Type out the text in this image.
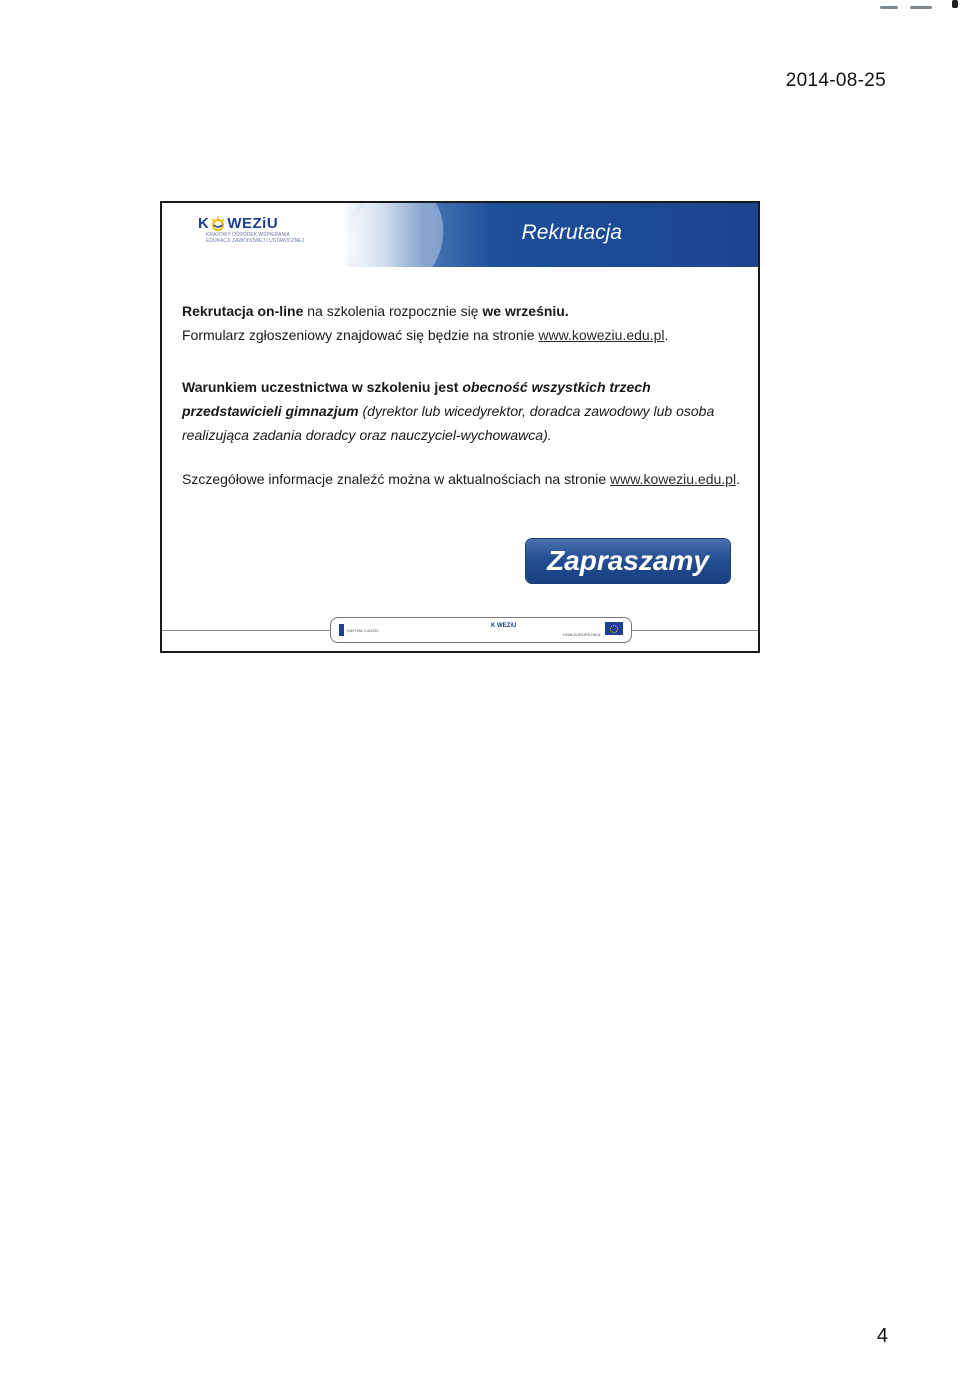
2014-08-25
K WEZiU
KRAJOWY OŚRODEK WSPIERANIA
EDUKACJI ZAWODOWEJ I USTAWICZNEJ	Rekrutacja

Rekrutacja on-line na szkolenia rozpocznie się we wrześniu.
Formularz zgłoszeniowy znajdować się będzie na stronie www.koweziu.edu.pl.

Warunkiem uczestnictwa w szkoleniu jest obecność wszystkich trzech przedstawicieli gimnazjum (dyrektor lub wicedyrektor, doradca zawodowy lub osoba realizująca zadania doradcy oraz nauczyciel-wychowawca).

Szczegółowe informacje znaleźć można w aktualnościach na stronie www.koweziu.edu.pl.

Zapraszamy
KAPITAŁ LUDZKI
K WEZiU
UNIA EUROPEJSKA
4
